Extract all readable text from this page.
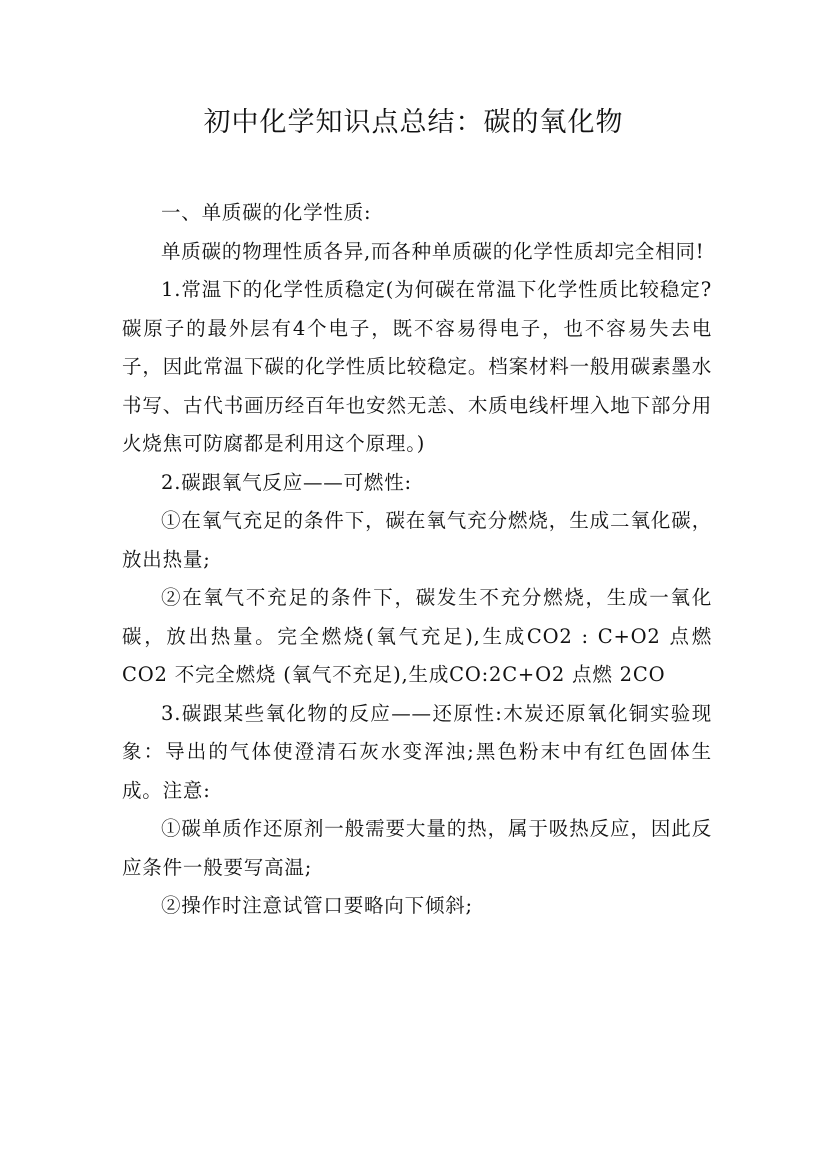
初中化学知识点总结：碳的氧化物

一、单质碳的化学性质:

单质碳的物理性质各异,而各种单质碳的化学性质却完全相同!

1.常温下的化学性质稳定(为何碳在常温下化学性质比较稳定?碳原子的最外层有4个电子，既不容易得电子，也不容易失去电子，因此常温下碳的化学性质比较稳定。档案材料一般用碳素墨水书写、古代书画历经百年也安然无恙、木质电线杆埋入地下部分用火烧焦可防腐都是利用这个原理。)

2.碳跟氧气反应——可燃性:

①在氧气充足的条件下，碳在氧气充分燃烧，生成二氧化碳，放出热量;

②在氧气不充足的条件下，碳发生不充分燃烧，生成一氧化碳，放出热量。完全燃烧(氧气充足),生成CO2 : C+O2 点燃 CO2 不完全燃烧 (氧气不充足),生成CO:2C+O2 点燃 2CO

3.碳跟某些氧化物的反应——还原性:木炭还原氧化铜实验现象：导出的气体使澄清石灰水变浑浊;黑色粉末中有红色固体生成。注意:

①碳单质作还原剂一般需要大量的热，属于吸热反应，因此反应条件一般要写高温;

②操作时注意试管口要略向下倾斜;
